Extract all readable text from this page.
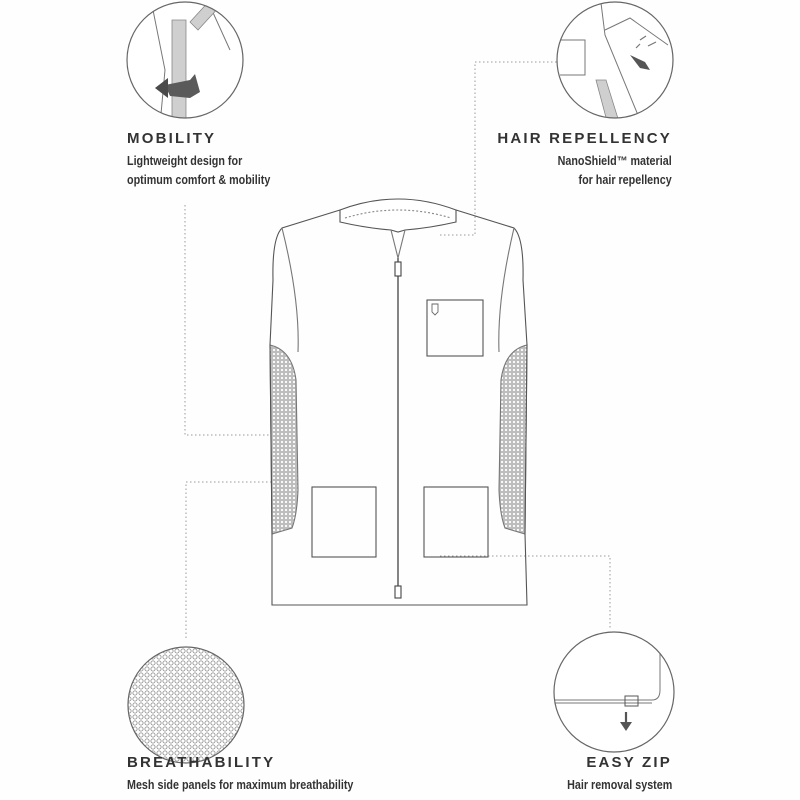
MOBILITY
Lightweight design for
optimum comfort & mobility
HAIR REPELLENCY
NanoShield™ material
for hair repellency
BREATHABILITY
Mesh side panels for maximum breathability
EASY ZIP
Hair removal system
